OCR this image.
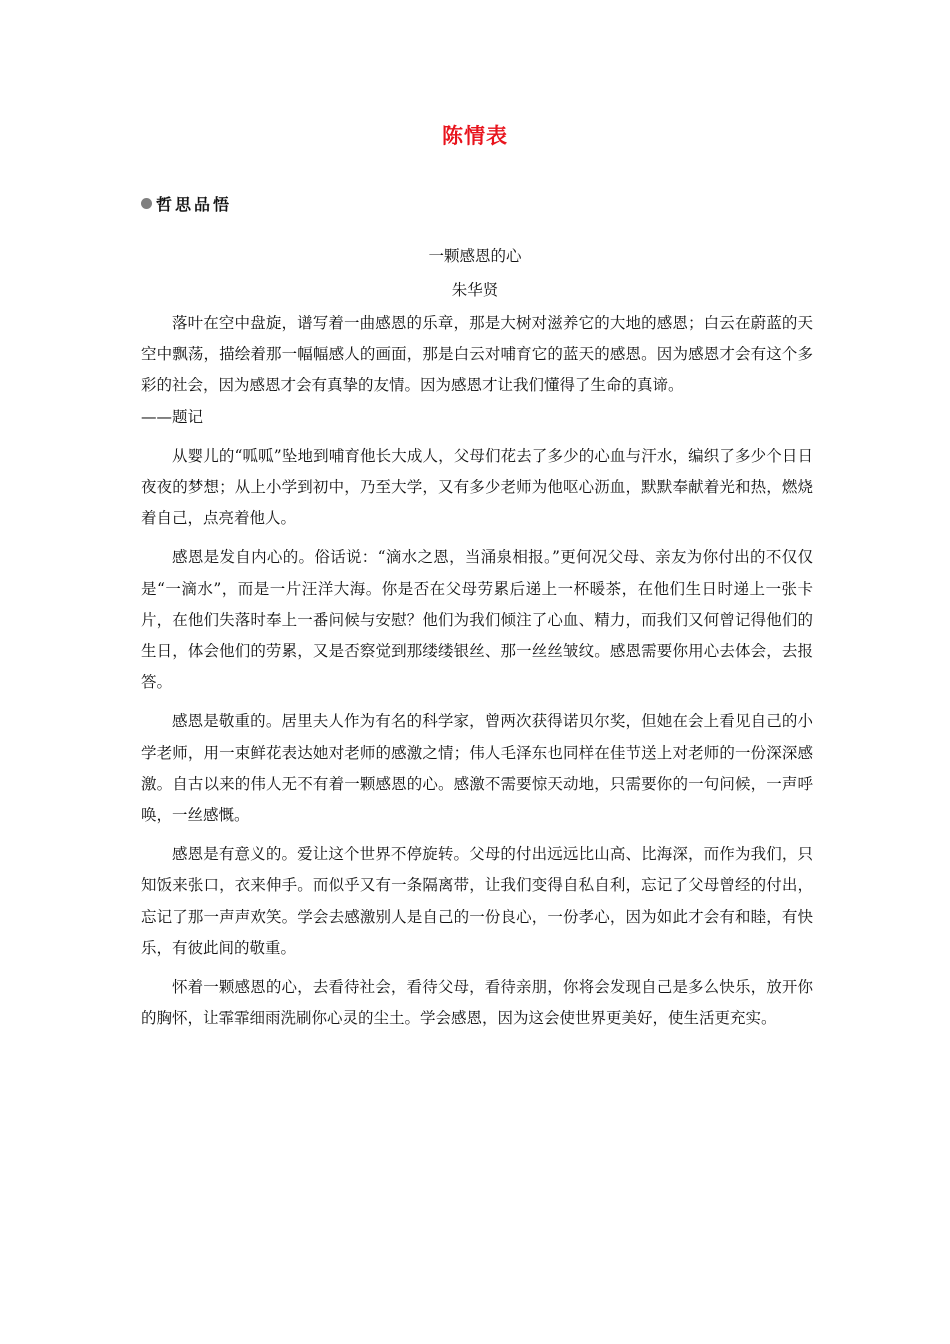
陈情表
哲思品悟
一颗感恩的心
朱华贤

落叶在空中盘旋，谱写着一曲感恩的乐章，那是大树对滋养它的大地的感恩；白云在蔚蓝的天空中飘荡，描绘着那一幅幅感人的画面，那是白云对哺育它的蓝天的感恩。因为感恩才会有这个多彩的社会，因为感恩才会有真挚的友情。因为感恩才让我们懂得了生命的真谛。

——题记

从婴儿的“呱呱”坠地到哺育他长大成人，父母们花去了多少的心血与汗水，编织了多少个日日夜夜的梦想；从上小学到初中，乃至大学，又有多少老师为他呕心沥血，默默奉献着光和热，燃烧着自己，点亮着他人。

感恩是发自内心的。俗话说：“滴水之恩，当涌泉相报。”更何况父母、亲友为你付出的不仅仅是“一滴水”，而是一片汪洋大海。你是否在父母劳累后递上一杯暖茶，在他们生日时递上一张卡片，在他们失落时奉上一番问候与安慰？他们为我们倾注了心血、精力，而我们又何曾记得他们的生日，体会他们的劳累，又是否察觉到那缕缕银丝、那一丝丝皱纹。感恩需要你用心去体会，去报答。

感恩是敬重的。居里夫人作为有名的科学家，曾两次获得诺贝尔奖，但她在会上看见自己的小学老师，用一束鲜花表达她对老师的感激之情；伟人毛泽东也同样在佳节送上对老师的一份深深感激。自古以来的伟人无不有着一颗感恩的心。感激不需要惊天动地，只需要你的一句问候，一声呼唤，一丝感慨。

感恩是有意义的。爱让这个世界不停旋转。父母的付出远远比山高、比海深，而作为我们，只知饭来张口，衣来伸手。而似乎又有一条隔离带，让我们变得自私自利，忘记了父母曾经的付出，忘记了那一声声欢笑。学会去感激别人是自己的一份良心，一份孝心，因为如此才会有和睦，有快乐，有彼此间的敬重。

怀着一颗感恩的心，去看待社会，看待父母，看待亲朋，你将会发现自己是多么快乐，放开你的胸怀，让霏霏细雨洗刷你心灵的尘土。学会感恩，因为这会使世界更美好，使生活更充实。
